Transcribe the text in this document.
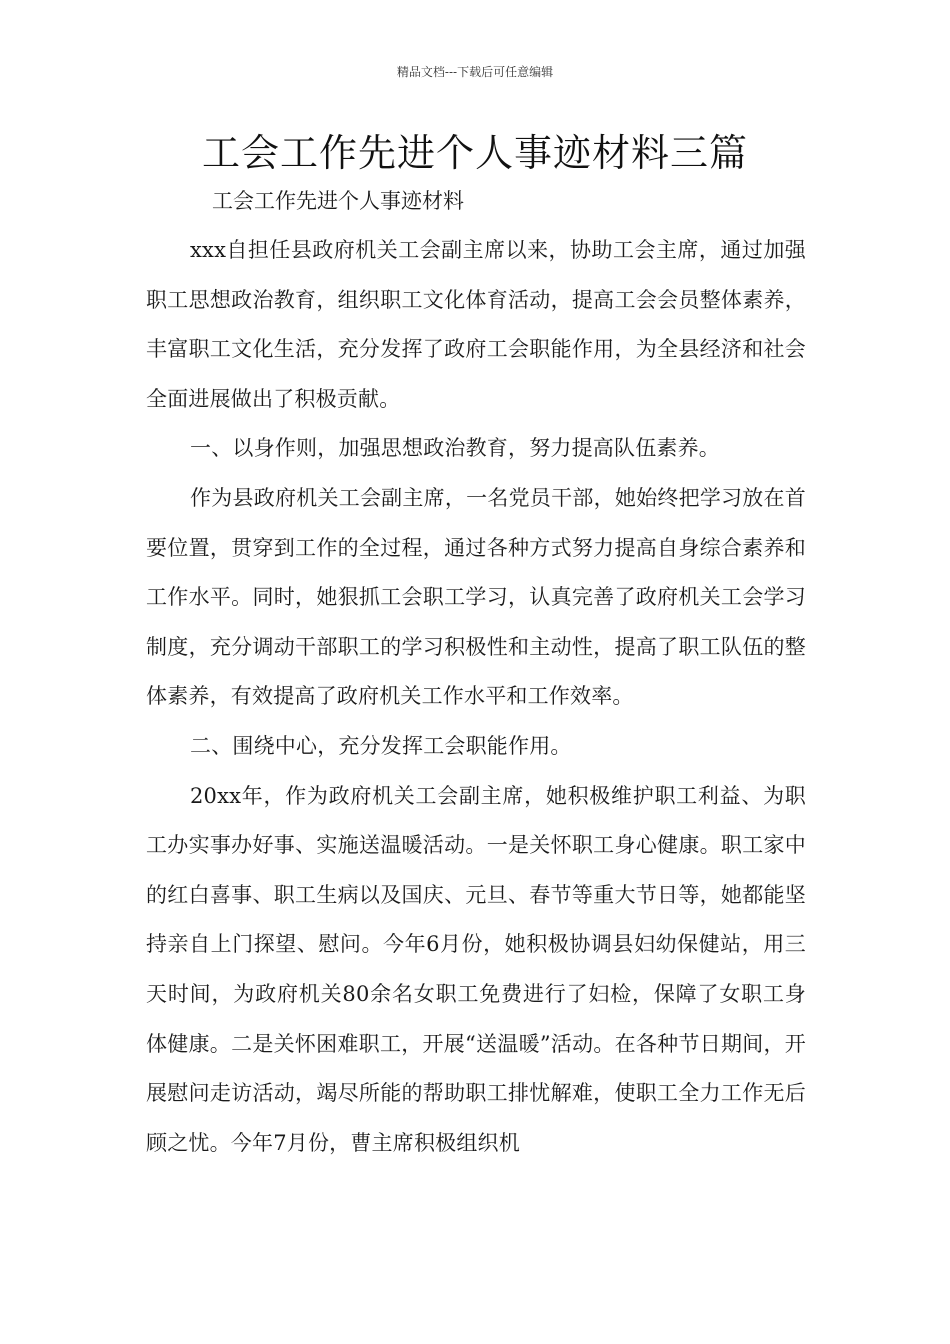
精品文档---下载后可任意编辑
工会工作先进个人事迹材料三篇
工会工作先进个人事迹材料

xxx自担任县政府机关工会副主席以来，协助工会主席，通过加强职工思想政治教育，组织职工文化体育活动，提高工会会员整体素养，丰富职工文化生活，充分发挥了政府工会职能作用，为全县经济和社会全面进展做出了积极贡献。

一、以身作则，加强思想政治教育，努力提高队伍素养。

作为县政府机关工会副主席，一名党员干部，她始终把学习放在首要位置，贯穿到工作的全过程，通过各种方式努力提高自身综合素养和工作水平。同时，她狠抓工会职工学习，认真完善了政府机关工会学习制度，充分调动干部职工的学习积极性和主动性，提高了职工队伍的整体素养，有效提高了政府机关工作水平和工作效率。

二、围绕中心，充分发挥工会职能作用。

20xx年，作为政府机关工会副主席，她积极维护职工利益、为职工办实事办好事、实施送温暖活动。一是关怀职工身心健康。职工家中的红白喜事、职工生病以及国庆、元旦、春节等重大节日等，她都能坚持亲自上门探望、慰问。今年6月份，她积极协调县妇幼保健站，用三天时间，为政府机关80余名女职工免费进行了妇检，保障了女职工身体健康。二是关怀困难职工，开展“送温暖”活动。在各种节日期间，开展慰问走访活动，竭尽所能的帮助职工排忧解难，使职工全力工作无后顾之忧。今年7月份，曹主席积极组织机
